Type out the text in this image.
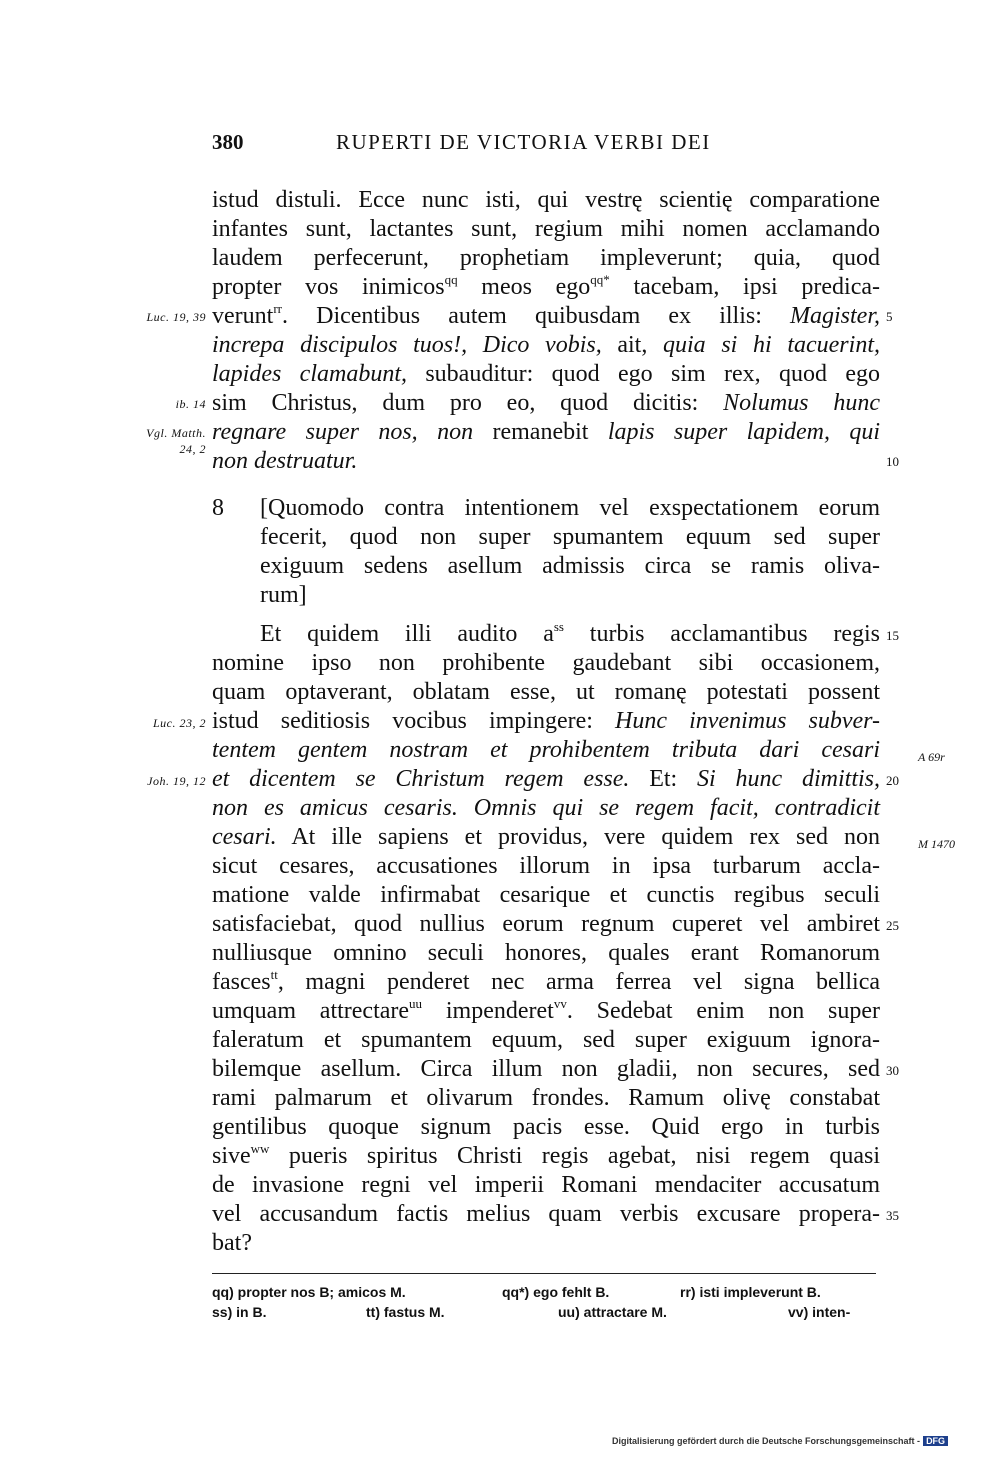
380	RUPERTI DE VICTORIA VERBI DEI
istud distuli. Ecce nunc isti, qui vestrę scientię comparatione
infantes sunt, lactantes sunt, regium mihi nomen acclamando
laudem perfecerunt, prophetiam impleverunt; quia, quod
propter vos inimicos$^{qq}$ meos ego$^{qq*}$ tacebam, ipsi predica-
verunt$^{rr}$. Dicentibus autem quibusdam ex illis: Magister,
increpa discipulos tuos!, Dico vobis, ait, quia si hi tacuerint,
lapides clamabunt, subauditur: quod ego sim rex, quod ego
sim Christus, dum pro eo, quod dicitis: Nolumus hunc
regnare super nos, non remanebit lapis super lapidem, qui
non destruatur.
8 [Quomodo contra intentionem vel exspectationem eorum
fecerit, quod non super spumantem equum sed super
exiguum sedens asellum admissis circa se ramis oliva-
rum]
Et quidem illi audito $a^{ss}$ turbis acclamantibus regis
nomine ipso non prohibente gaudebant sibi occasionem,
quam optaverant, oblatam esse, ut romanę potestati possent
istud seditiosis vocibus impingere: Hunc invenimus subver-
tentem gentem nostram et prohibentem tributa dari cesari
et dicentem se Christum regem esse. Et: Si hunc dimittis,
non es amicus cesaris. Omnis qui se regem facit, contradicit
cesari. At ille sapiens et providus, vere quidem rex sed non
sicut cesares, accusationes illorum in ipsa turbarum accla-
matione valde infirmabat cesarique et cunctis regibus seculi
satisfaciebat, quod nullius eorum regnum cuperet vel ambiret
nulliusque omnino seculi honores, quales erant Romanorum
fasces$^{tt}$, magni penderet nec arma ferrea vel signa bellica
umquam attrectare$^{uu}$ impenderet$^{vv}$. Sedebat enim non super
faleratum et spumantem equum, sed super exiguum ignora-
bilemque asellum. Circa illum non gladii, non secures, sed
rami palmarum et olivarum frondes. Ramum olivę constabat
gentilibus quoque signum pacis esse. Quid ergo in turbis
sive$^{ww}$ pueris spiritus Christi regis agebat, nisi regem quasi
de invasione regni vel imperii Romani mendaciter accusatum
vel accusandum factis melius quam verbis excusare propera-
bat?
Luc. 19, 39
ib. 14
Vgl. Matth.
24, 2
Luc. 23, 2
Joh. 19, 12
5
10
15
20
25
30
35
A 69r
M 1470
qq) propter nos B; amicos M.	qq*) ego fehlt B.	rr) isti impleverunt B.
ss) in B.	tt) fastus M.	uu) attractare M.	vv) inten-
Digitalisierung gefördert durch die Deutsche Forschungsgemeinschaft - DFG
